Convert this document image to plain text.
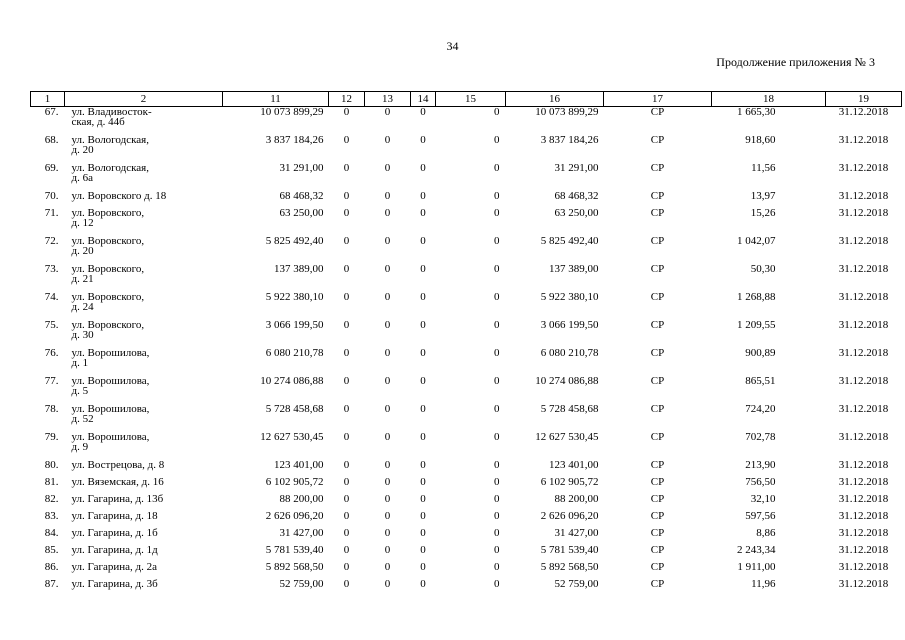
34
Продолжение приложения № 3
1	2	11	12	13	14	15	16	17	18	19
67.	ул. Владивосток-
ская, д. 44б	10 073 899,29	0	0	0	0	10 073 899,29	СР	1 665,30	31.12.2018
68.	ул. Вологодская,
д. 20	3 837 184,26	0	0	0	0	3 837 184,26	СР	918,60	31.12.2018
69.	ул. Вологодская,
д. 6а	31 291,00	0	0	0	0	31 291,00	СР	11,56	31.12.2018
70.	ул. Воровского д. 18	68 468,32	0	0	0	0	68 468,32	СР	13,97	31.12.2018
71.	ул. Воровского,
д. 12	63 250,00	0	0	0	0	63 250,00	СР	15,26	31.12.2018
72.	ул. Воровского,
д. 20	5 825 492,40	0	0	0	0	5 825 492,40	СР	1 042,07	31.12.2018
73.	ул. Воровского,
д. 21	137 389,00	0	0	0	0	137 389,00	СР	50,30	31.12.2018
74.	ул. Воровского,
д. 24	5 922 380,10	0	0	0	0	5 922 380,10	СР	1 268,88	31.12.2018
75.	ул. Воровского,
д. 30	3 066 199,50	0	0	0	0	3 066 199,50	СР	1 209,55	31.12.2018
76.	ул. Ворошилова,
д. 1	6 080 210,78	0	0	0	0	6 080 210,78	СР	900,89	31.12.2018
77.	ул. Ворошилова,
д. 5	10 274 086,88	0	0	0	0	10 274 086,88	СР	865,51	31.12.2018
78.	ул. Ворошилова,
д. 52	5 728 458,68	0	0	0	0	5 728 458,68	СР	724,20	31.12.2018
79.	ул. Ворошилова,
д. 9	12 627 530,45	0	0	0	0	12 627 530,45	СР	702,78	31.12.2018
80.	ул. Вострецова, д. 8	123 401,00	0	0	0	0	123 401,00	СР	213,90	31.12.2018
81.	ул. Вяземская, д. 16	6 102 905,72	0	0	0	0	6 102 905,72	СР	756,50	31.12.2018
82.	ул. Гагарина, д. 13б	88 200,00	0	0	0	0	88 200,00	СР	32,10	31.12.2018
83.	ул. Гагарина, д. 18	2 626 096,20	0	0	0	0	2 626 096,20	СР	597,56	31.12.2018
84.	ул. Гагарина, д. 1б	31 427,00	0	0	0	0	31 427,00	СР	8,86	31.12.2018
85.	ул. Гагарина, д. 1д	5 781 539,40	0	0	0	0	5 781 539,40	СР	2 243,34	31.12.2018
86.	ул. Гагарина, д. 2а	5 892 568,50	0	0	0	0	5 892 568,50	СР	1 911,00	31.12.2018
87.	ул. Гагарина, д. 3б	52 759,00	0	0	0	0	52 759,00	СР	11,96	31.12.2018
